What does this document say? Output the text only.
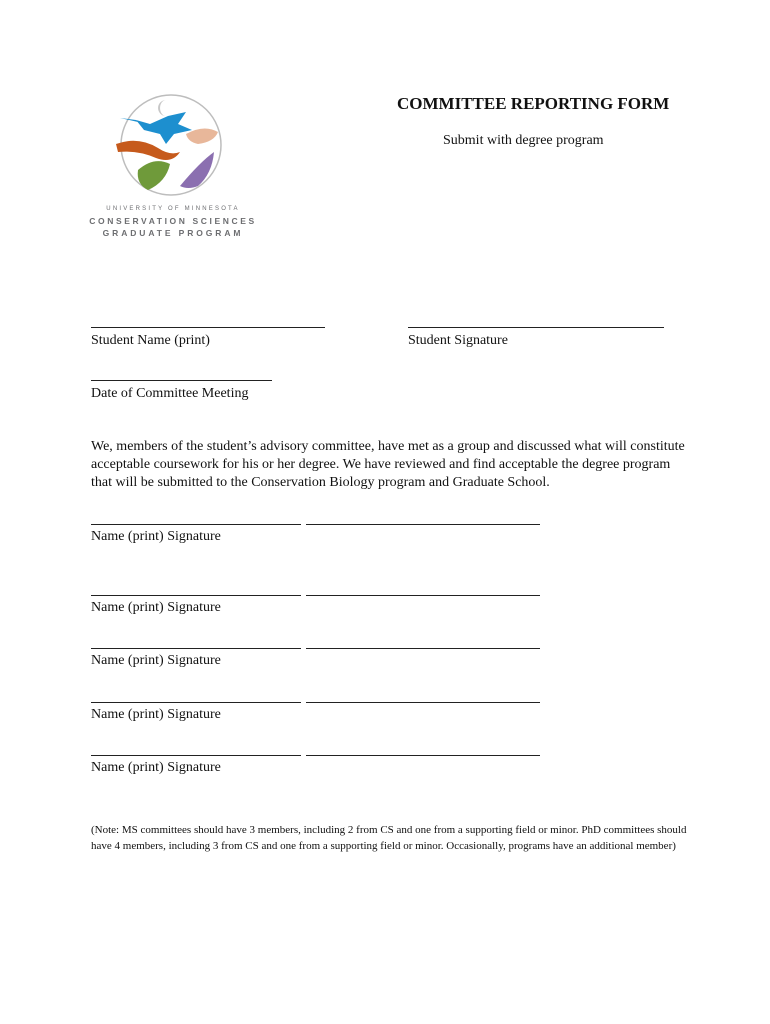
UNIVERSITY OF MINNESOTA
CONSERVATION SCIENCES
GRADUATE PROGRAM
COMMITTEE REPORTING FORM
Submit with degree program
Student Name (print)	Student Signature
Date of Committee Meeting

We, members of the student’s advisory committee, have met as a group and discussed what will constitute acceptable coursework for his or her degree. We have reviewed and find acceptable the degree program that will be submitted to the Conservation Biology program and Graduate School.

Name (print) Signature
Name (print) Signature
Name (print) Signature
Name (print) Signature
Name (print) Signature

(Note: MS committees should have 3 members, including 2 from CS and one from a supporting field or minor. PhD committees should have 4 members, including 3 from CS and one from a supporting field or minor. Occasionally, programs have an additional member)
